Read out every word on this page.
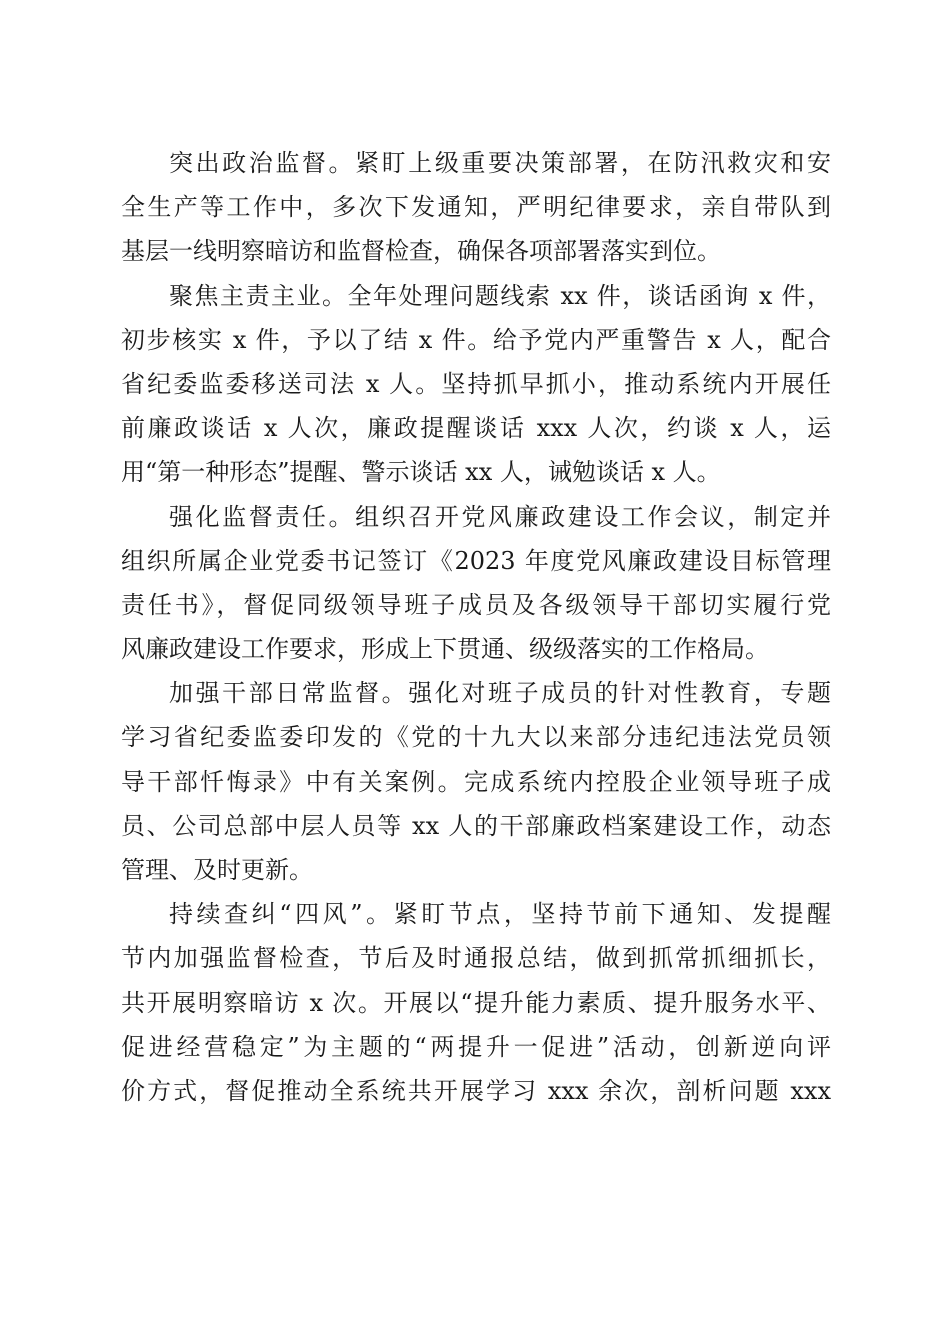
突出政治监督。紧盯上级重要决策部署，在防汛救灾和安
全生产等工作中，多次下发通知，严明纪律要求，亲自带队到
基层一线明察暗访和监督检查，确保各项部署落实到位。
聚焦主责主业。全年处理问题线索 xx 件，谈话函询 x 件，
初步核实 x 件，予以了结 x 件。给予党内严重警告 x 人，配合
省纪委监委移送司法 x 人。坚持抓早抓小，推动系统内开展任
前廉政谈话 x 人次，廉政提醒谈话 xxx 人次，约谈 x 人，运
用“第一种形态”提醒、警示谈话 xx 人，诫勉谈话 x 人。
强化监督责任。组织召开党风廉政建设工作会议，制定并
组织所属企业党委书记签订《2023 年度党风廉政建设目标管理
责任书》，督促同级领导班子成员及各级领导干部切实履行党
风廉政建设工作要求，形成上下贯通、级级落实的工作格局。
加强干部日常监督。强化对班子成员的针对性教育，专题
学习省纪委监委印发的《党的十九大以来部分违纪违法党员领
导干部忏悔录》中有关案例。完成系统内控股企业领导班子成
员、公司总部中层人员等 xx 人的干部廉政档案建设工作，动态
管理、及时更新。
持续查纠“四风”。紧盯节点，坚持节前下通知、发提醒
节内加强监督检查，节后及时通报总结，做到抓常抓细抓长，
共开展明察暗访 x 次。开展以“提升能力素质、提升服务水平、
促进经营稳定”为主题的“两提升一促进”活动，创新逆向评
价方式，督促推动全系统共开展学习 xxx 余次，剖析问题 xxx
